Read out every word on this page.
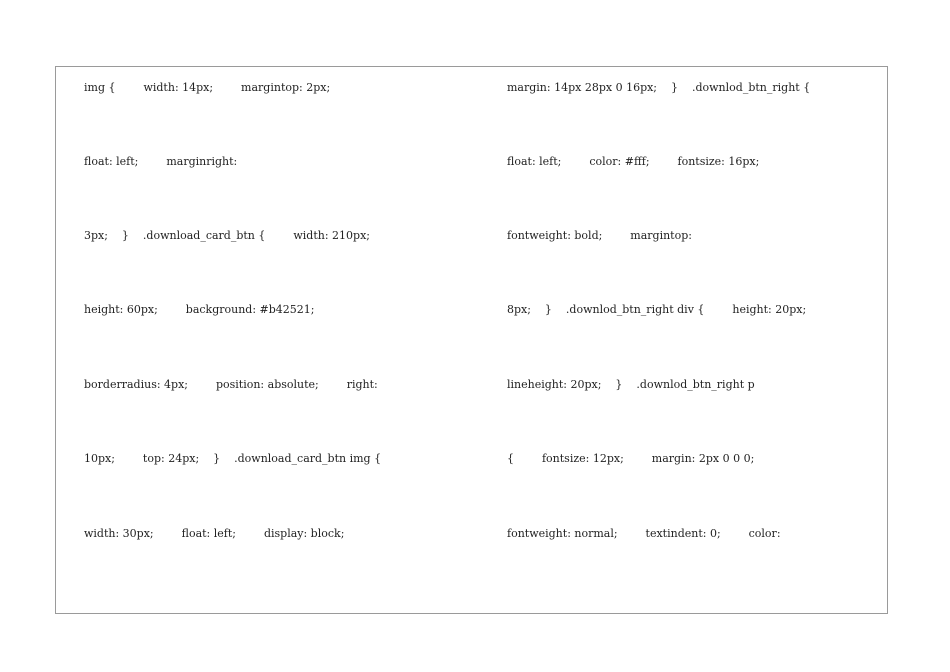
img {        width: 14px;        margintop: 2px;
float: left;        marginright:
3px;    }    .download_card_btn {        width: 210px;
height: 60px;        background: #b42521;
borderradius: 4px;        position: absolute;        right:
10px;        top: 24px;    }    .download_card_btn img {
width: 30px;        float: left;        display: block;
margin: 14px 28px 0 16px;    }    .downlod_btn_right {
float: left;        color: #fff;        fontsize: 16px;
fontweight: bold;        margintop:
8px;    }    .downlod_btn_right div {        height: 20px;
lineheight: 20px;    }    .downlod_btn_right p
{        fontsize: 12px;        margin: 2px 0 0 0;
fontweight: normal;        textindent: 0;        color:
